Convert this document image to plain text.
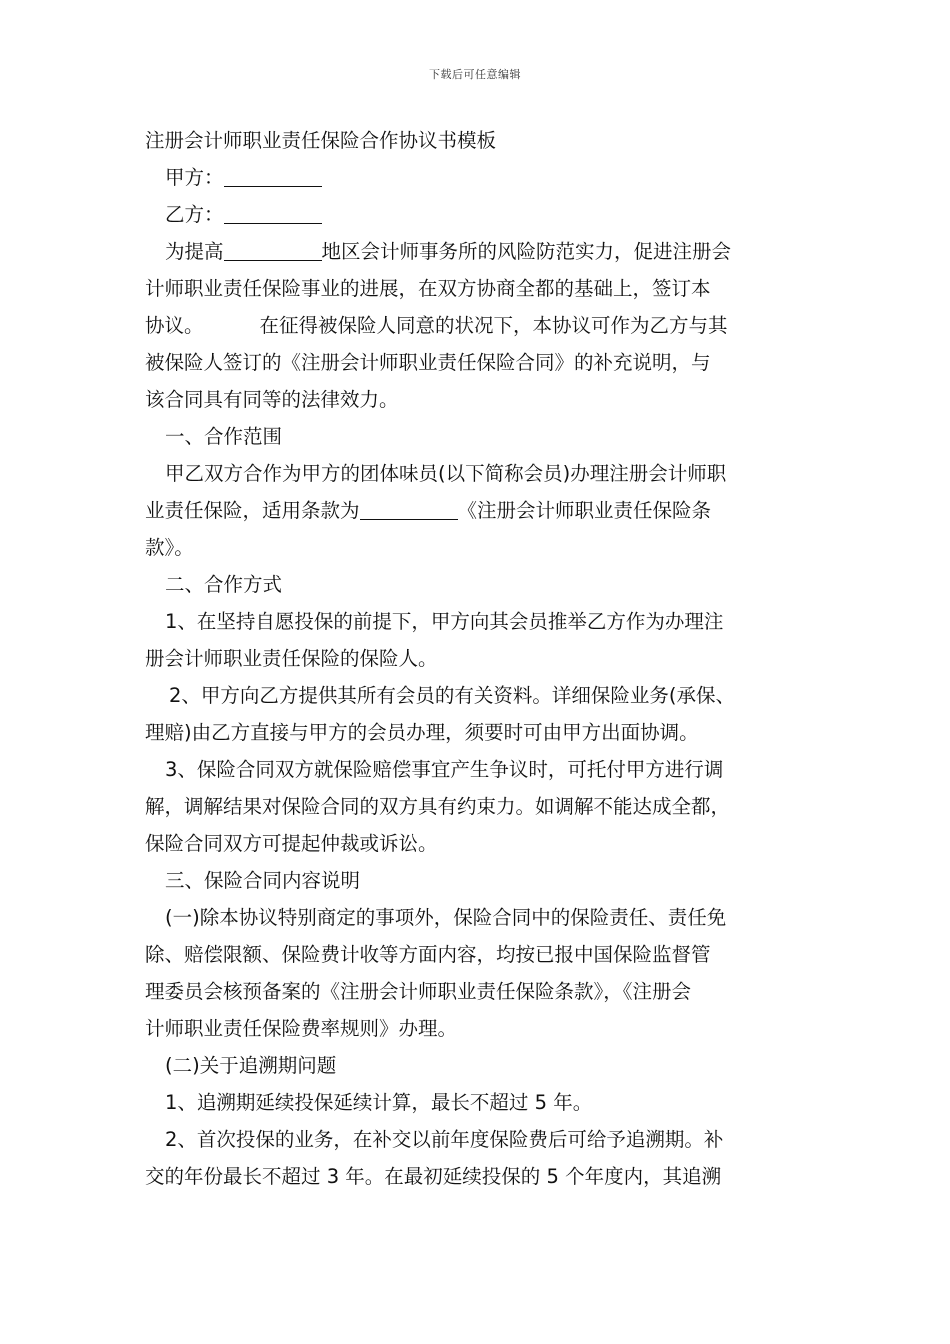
下载后可任意编辑
注册会计师职业责任保险合作协议书模板
甲方：
乙方：
为提高	地区会计师事务所的风险防范实力，促进注册会
计师职业责任保险事业的进展，在双方协商全都的基础上，签订本
协议。	在征得被保险人同意的状况下，本协议可作为乙方与其
被保险人签订的《注册会计师职业责任保险合同》的补充说明，与
该合同具有同等的法律效力。
一、合作范围
甲乙双方合作为甲方的团体味员(以下简称会员)办理注册会计师职
业责任保险，适用条款为	《注册会计师职业责任保险条
款》。
二、合作方式
1、在坚持自愿投保的前提下，甲方向其会员推举乙方作为办理注
册会计师职业责任保险的保险人。
2、甲方向乙方提供其所有会员的有关资料。详细保险业务(承保、
理赔)由乙方直接与甲方的会员办理，须要时可由甲方出面协调。
3、保险合同双方就保险赔偿事宜产生争议时，可托付甲方进行调
解，调解结果对保险合同的双方具有约束力。如调解不能达成全都，
保险合同双方可提起仲裁或诉讼。
三、保险合同内容说明
(一)除本协议特别商定的事项外，保险合同中的保险责任、责任免
除、赔偿限额、保险费计收等方面内容，均按已报中国保险监督管
理委员会核预备案的《注册会计师职业责任保险条款》，《注册会
计师职业责任保险费率规则》办理。
(二)关于追溯期问题
1、追溯期延续投保延续计算，最长不超过 5 年。
2、首次投保的业务，在补交以前年度保险费后可给予追溯期。补
交的年份最长不超过 3 年。在最初延续投保的 5 个年度内，其追溯
